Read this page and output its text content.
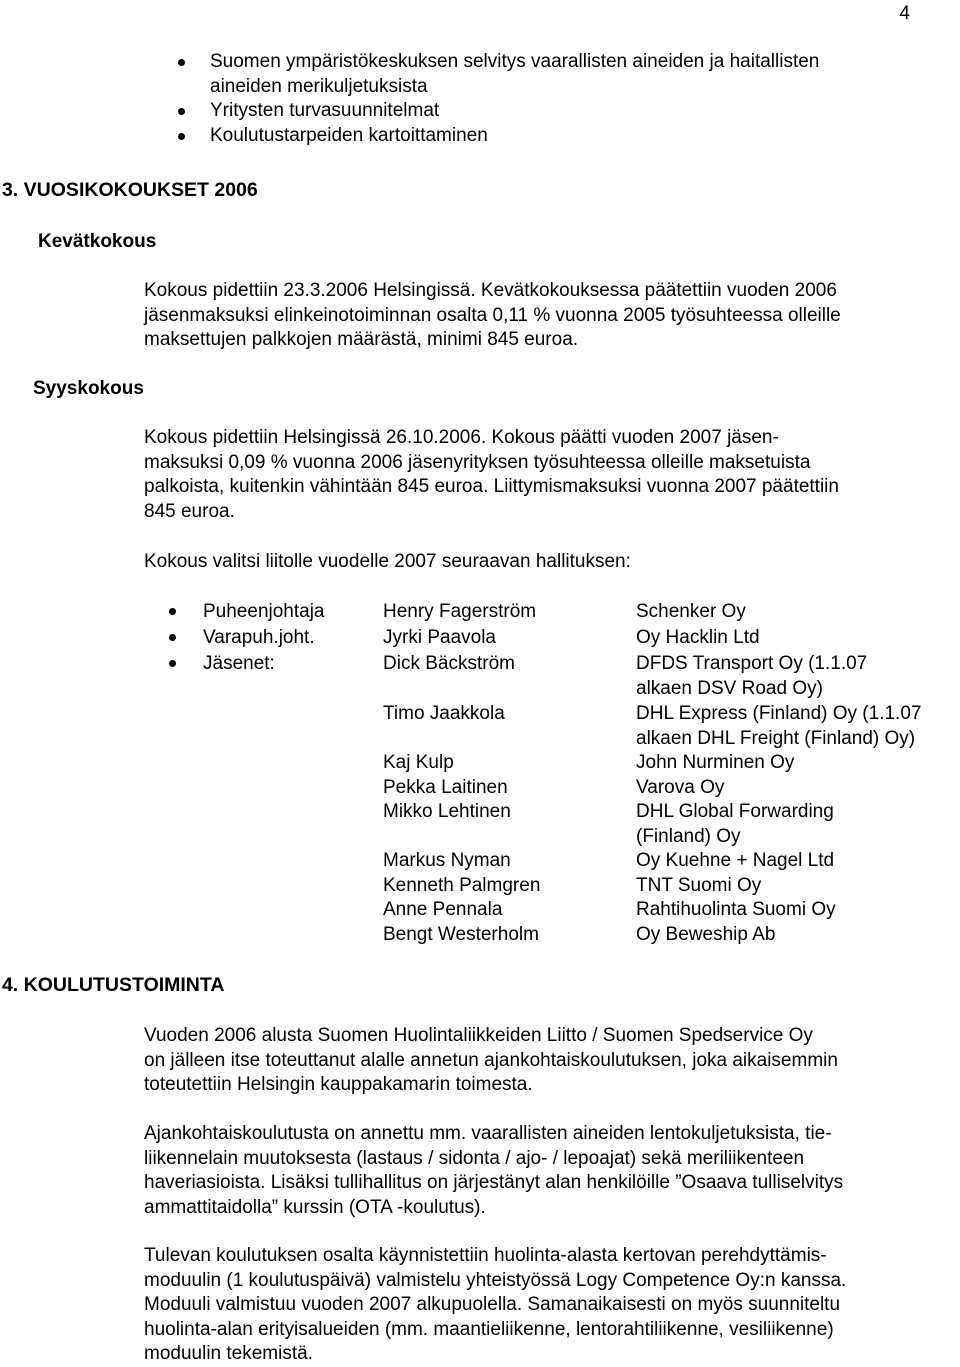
4
Suomen ympäristökeskuksen selvitys vaarallisten aineiden ja haitallisten
aineiden merikuljetuksista
Yritysten turvasuunnitelmat
Koulutustarpeiden kartoittaminen
3. VUOSIKOKOUKSET 2006
Kevätkokous
Kokous pidettiin 23.3.2006 Helsingissä. Kevätkokouksessa päätettiin vuoden 2006
jäsenmaksuksi elinkeinotoiminnan osalta 0,11 % vuonna 2005 työsuhteessa olleille
maksettujen palkkojen määrästä, minimi 845 euroa.
Syyskokous
Kokous pidettiin Helsingissä 26.10.2006. Kokous päätti vuoden 2007 jäsen-
maksuksi 0,09 % vuonna 2006 jäsenyrityksen työsuhteessa olleille maksetuista
palkoista, kuitenkin vähintään 845 euroa. Liittymismaksuksi vuonna 2007 päätettiin
845 euroa.
Kokous valitsi liitolle vuodelle 2007 seuraavan hallituksen:
Puheenjohtaja	Henry Fagerström	Schenker Oy
Varapuh.joht.	Jyrki Paavola	Oy Hacklin Ltd
Jäsenet:	Dick Bäckström	DFDS Transport Oy (1.1.07
alkaen DSV Road Oy)
Timo Jaakkola	DHL Express (Finland) Oy (1.1.07
alkaen DHL Freight (Finland) Oy)
Kaj Kulp	John Nurminen Oy
Pekka Laitinen	Varova Oy
Mikko Lehtinen	DHL Global Forwarding
(Finland) Oy
Markus Nyman	Oy Kuehne + Nagel Ltd
Kenneth Palmgren	TNT Suomi Oy
Anne Pennala	Rahtihuolinta Suomi Oy
Bengt Westerholm	Oy Beweship Ab
4. KOULUTUSTOIMINTA
Vuoden 2006 alusta Suomen Huolintaliikkeiden Liitto / Suomen Spedservice Oy
on jälleen itse toteuttanut alalle annetun ajankohtaiskoulutuksen, joka aikaisemmin
toteutettiin Helsingin kauppakamarin toimesta.
Ajankohtaiskoulutusta on annettu mm. vaarallisten aineiden lentokuljetuksista, tie-
liikennelain muutoksesta (lastaus / sidonta / ajo- / lepoajat) sekä meriliikenteen
haveriasioista. Lisäksi tullihallitus on järjestänyt alan henkilöille ”Osaava tulliselvitys
ammattitaidolla” kurssin (OTA -koulutus).
Tulevan koulutuksen osalta käynnistettiin huolinta-alasta kertovan perehdyttämis-
moduulin (1 koulutuspäivä) valmistelu yhteistyössä Logy Competence Oy:n kanssa.
Moduuli valmistuu vuoden 2007 alkupuolella. Samanaikaisesti on myös suunniteltu
huolinta-alan erityisalueiden (mm. maantieliikenne, lentorahtiliikenne, vesiliikenne)
moduulin tekemistä.
